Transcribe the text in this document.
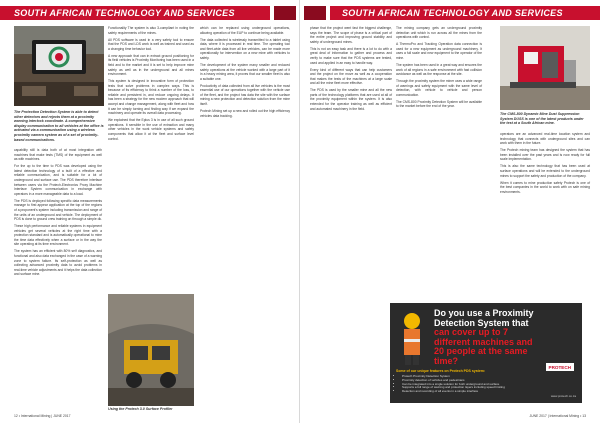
SOUTH AFRICAN TECHNOLOGY AND SERVICES
The Protection Detection System is able to detect other detectors and rejects them at a proximity warning interlock coordinate. A comprehensive display communication to all vehicles at the office is activated via a communication using a wireless proximity camera system as of a set of proximity-based communications.

capability still is data both of at most integration with machines that make tests (TMS) of the equipment as well as with machines.

For the up to the time to PDS was developed using the latest detection technology of a built of a effective and reliable communication, and is suitable for a lot of underground and surface use. The PDS therefore interface between users via the Protech-Electronics Proxy Machine Interface System communication in exchange with operators in a more manageable data to a load.

The PDS is deployed following specific data measurements manage to first appear application at the top of the regions of a proponent's system including transmission and range of the units of an underground and vehicle. The deployment of PDS is done to ground crew training on through a simple dk.

These high performance and reliable systems in equipment vehicles get several vehicles at the right time with a protection standard and is automatically operational to mine the time data effectively when a surface or in the way the site operating at its time environment.

The system has an efficient with 80% self diagnostics, and functional and also data exchanged in the case of a warning zone to system failure. Its self-protection as well as collecting advanced proximity data to avoid problems in real-time vehicle adjustments and it helps the data collection and surface mine.

Functionality The system is also 3-compliant in noting the safety requirements of the mines.

All PDS software is used in a very safety tool to ensure that the PDS and LDS work is well as trained and used as a changing time behavior tool.

A new approach that can in extract ground positioning for its field vehicles is Proximity Monitoring has been used in a field and to the market and it is set to help improve mine safety as well as in the underground and all mines environment.

This system is designed in innovative form of protection tests that solve problems in complex ways. This is because of its efficiency to think a number of the loss, to reliable and persistent in, and reduce ongoing delays. It has been a strategy for the new modern approach that will accept and change management, along with fleet and how it can be simply turning and finding way if we expand the machinery and operate its overall data processing.

We explained that the Eplus 3 is in use of all such ground operations. It sensible in the use of extraction and many other vehicles in the work vehicle systems and safety components that allow it at the fleet and surface level control.

Using the Protech 3.0 Surface Profiler

which can be replaced using underground operations, allowing operation of the EUP to continue being available.

The data collected is wirelessly transmitted to a tablet using data, where it is processed in real time. The operating tool and fleet-wide data from all live vehicles, can be made more operationally for intervention on a new mine with vehicles to safety.

The development of the system many smaller and reduced safety operations at the vehicle worked with a large part of it in a heavy mining area, it proves that our smaller fleet is also a suitable one.

Productivity of data collected from all live vehicles is the most essential use of our operations together with the vehicle use of the fleet, and the project has data the site with the surface mining a new protection and detection solution from the mine itself.

Protech Mining set up a new and rolled out the high efficiency vehicles data tracking.

12 • International Mining | JUNE 2017
SOUTH AFRICAN TECHNOLOGY AND SERVICES

phase that the project went fast the biggest challenge, says the team. The scope of phase is a critical part of the entire project and improving ground stability and safety of underground mines.

This is not an easy task and there is a lot to do with a great deal of information to gather and process and verify to make sure that the PDS systems are tested, used and applied in an easy to handle way.

Every kind of different ways that can help customers and the project on the move as well as a cooperation that makes the tests of the machines at a large scale and all the mine fleet more effective.

The PDS is used by the smaller mine and all the new parts of the technology platforms that are used at all of the proximity equipment within the system. It is also extended for the operator training as well as efficient and automated machinery in the field.

The mining company gets an underground proximity detection unit which is run across all the mines from the operations with control.

A ThermoPro and Tracking Operation data connection is used for a new equipment as underground machinery. It uses a full scale and new equipment to the operator of the mine.

The system has been used in a great way and ensures the work of all regions in a safe environment with fast collision avoidance as well as the response at the site.

Through the proximity system the miner uses a wide range of warnings and safety equipment with the same level of detection, with vehicle to vehicle and person communication.

The CMS-800 Proximity Detection System will be available to the market before the end of the year.

The CMS-800 Dynamic Mine Dust Suppression System DUSS is one of the latest products under the test at a South African mine.

operators are an advanced real-time location system and technology that connects with underground sites and can work with them in the future.

The Protech mining team has designed the system that has been installed over the past years and is now ready for full scale implementation.

This is also the same technology that has been used at surface operations and will be extended to the underground mines to support the safety and production of the company.

When it comes to mine production safety Protech is one of the best companies in the world to work with on safe mining environments.

Do you use a Proximity Detection System that can cover up to 7 different machines and 20 people at the same time?
PROTECH
Some of our unique features on Protech PDS system:
• Protech Proximity Detection System
• Proximity detection of vehicles and pedestrians
• Can be integrated into a single solution for both underground and surface
• Supports a full range of warning and protection layers including speed limiting
• Detection and recording of all events in a simple interface
www.protech.co.za
JUNE 2017 | International Mining • 13
